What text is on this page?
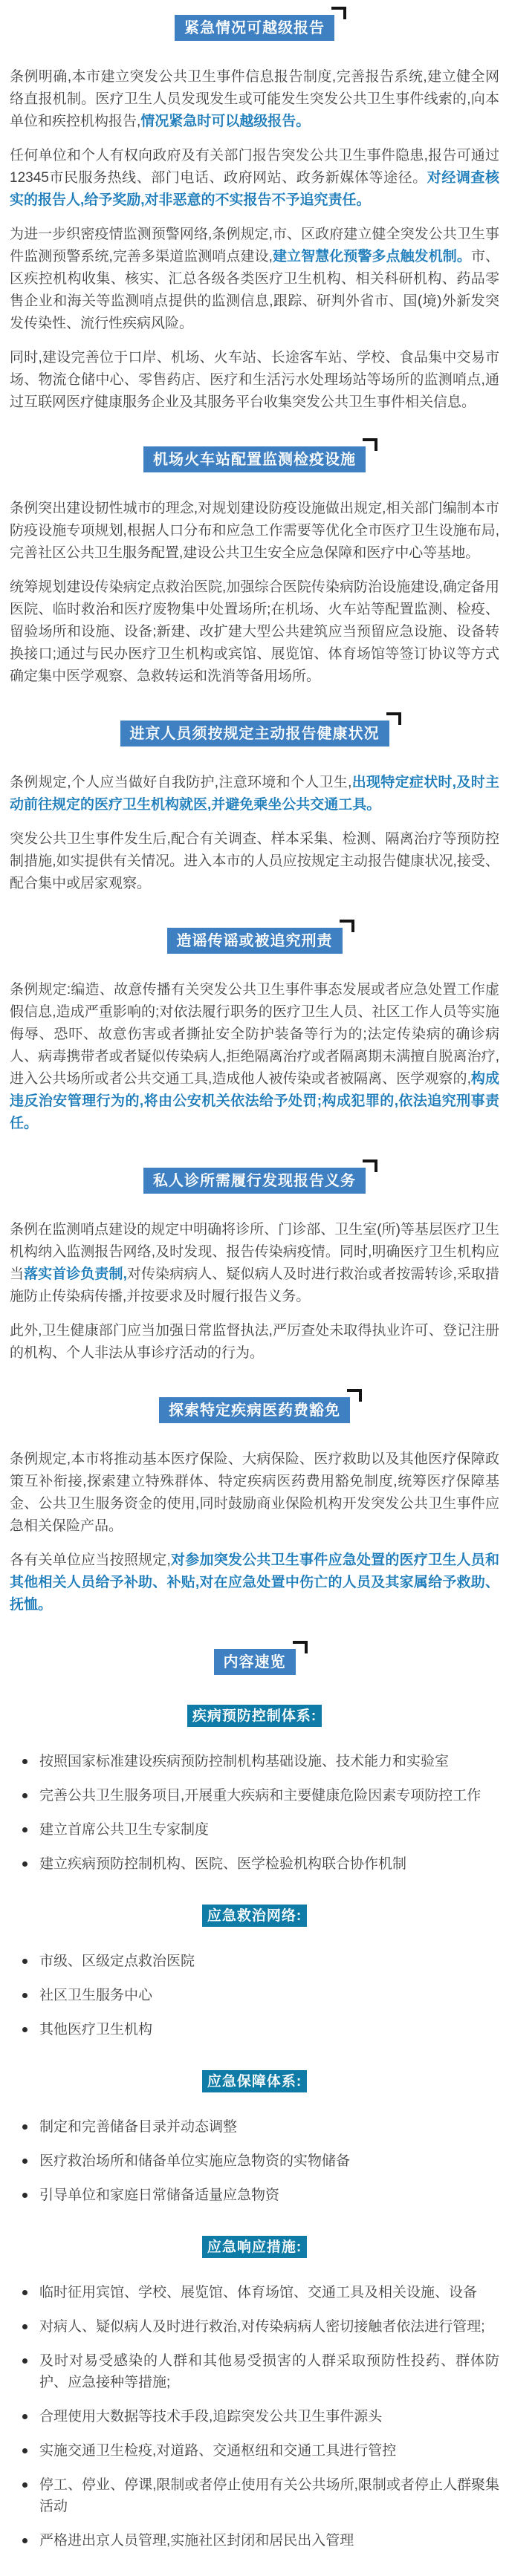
紧急情况可越级报告

条例明确,本市建立突发公共卫生事件信息报告制度,完善报告系统,建立健全网络直报机制。医疗卫生人员发现发生或可能发生突发公共卫生事件线索的,向本单位和疾控机构报告,情况紧急时可以越级报告。

任何单位和个人有权向政府及有关部门报告突发公共卫生事件隐患,报告可通过12345市民服务热线、部门电话、政府网站、政务新媒体等途径。对经调查核实的报告人,给予奖励,对非恶意的不实报告不予追究责任。

为进一步织密疫情监测预警网络,条例规定,市、区政府建立健全突发公共卫生事件监测预警系统,完善多渠道监测哨点建设,建立智慧化预警多点触发机制。市、区疾控机构收集、核实、汇总各级各类医疗卫生机构、相关科研机构、药品零售企业和海关等监测哨点提供的监测信息,跟踪、研判外省市、国(境)外新发突发传染性、流行性疾病风险。

同时,建设完善位于口岸、机场、火车站、长途客车站、学校、食品集中交易市场、物流仓储中心、零售药店、医疗和生活污水处理场站等场所的监测哨点,通过互联网医疗健康服务企业及其服务平台收集突发公共卫生事件相关信息。

机场火车站配置监测检疫设施

条例突出建设韧性城市的理念,对规划建设防疫设施做出规定,相关部门编制本市防疫设施专项规划,根据人口分布和应急工作需要等优化全市医疗卫生设施布局,完善社区公共卫生服务配置,建设公共卫生安全应急保障和医疗中心等基地。

统筹规划建设传染病定点救治医院,加强综合医院传染病防治设施建设,确定备用医院、临时救治和医疗废物集中处置场所;在机场、火车站等配置监测、检疫、留验场所和设施、设备;新建、改扩建大型公共建筑应当预留应急设施、设备转换接口;通过与民办医疗卫生机构或宾馆、展览馆、体育场馆等签订协议等方式确定集中医学观察、急救转运和洗消等备用场所。

进京人员须按规定主动报告健康状况

条例规定,个人应当做好自我防护,注意环境和个人卫生,出现特定症状时,及时主动前往规定的医疗卫生机构就医,并避免乘坐公共交通工具。

突发公共卫生事件发生后,配合有关调查、样本采集、检测、隔离治疗等预防控制措施,如实提供有关情况。进入本市的人员应按规定主动报告健康状况,接受、配合集中或居家观察。

造谣传谣或被追究刑责

条例规定:编造、故意传播有关突发公共卫生事件事态发展或者应急处置工作虚假信息,造成严重影响的;对依法履行职务的医疗卫生人员、社区工作人员等实施侮辱、恐吓、故意伤害或者撕扯安全防护装备等行为的;法定传染病的确诊病人、病毒携带者或者疑似传染病人,拒绝隔离治疗或者隔离期未满擅自脱离治疗,进入公共场所或者公共交通工具,造成他人被传染或者被隔离、医学观察的,构成违反治安管理行为的,将由公安机关依法给予处罚;构成犯罪的,依法追究刑事责任。

私人诊所需履行发现报告义务

条例在监测哨点建设的规定中明确将诊所、门诊部、卫生室(所)等基层医疗卫生机构纳入监测报告网络,及时发现、报告传染病疫情。同时,明确医疗卫生机构应当落实首诊负责制,对传染病病人、疑似病人及时进行救治或者按需转诊,采取措施防止传染病传播,并按要求及时履行报告义务。

此外,卫生健康部门应当加强日常监督执法,严厉查处未取得执业许可、登记注册的机构、个人非法从事诊疗活动的行为。

探索特定疾病医药费豁免

条例规定,本市将推动基本医疗保险、大病保险、医疗救助以及其他医疗保障政策互补衔接,探索建立特殊群体、特定疾病医药费用豁免制度,统筹医疗保障基金、公共卫生服务资金的使用,同时鼓励商业保险机构开发突发公共卫生事件应急相关保险产品。

各有关单位应当按照规定,对参加突发公共卫生事件应急处置的医疗卫生人员和其他相关人员给予补助、补贴,对在应急处置中伤亡的人员及其家属给予救助、抚恤。

内容速览
疾病预防控制体系:
按照国家标准建设疾病预防控制机构基础设施、技术能力和实验室
完善公共卫生服务项目,开展重大疾病和主要健康危险因素专项防控工作
建立首席公共卫生专家制度
建立疾病预防控制机构、医院、医学检验机构联合协作机制
应急救治网络:
市级、区级定点救治医院
社区卫生服务中心
其他医疗卫生机构
应急保障体系:
制定和完善储备目录并动态调整
医疗救治场所和储备单位实施应急物资的实物储备
引导单位和家庭日常储备适量应急物资
应急响应措施:
临时征用宾馆、学校、展览馆、体育场馆、交通工具及相关设施、设备
对病人、疑似病人及时进行救治,对传染病病人密切接触者依法进行管理;
及时对易受感染的人群和其他易受损害的人群采取预防性投药、群体防护、应急接种等措施;
合理使用大数据等技术手段,追踪突发公共卫生事件源头
实施交通卫生检疫,对道路、交通枢纽和交通工具进行管控
停工、停业、停课,限制或者停止使用有关公共场所,限制或者停止人群聚集活动
严格进出京人员管理,实施社区封闭和居民出入管理
